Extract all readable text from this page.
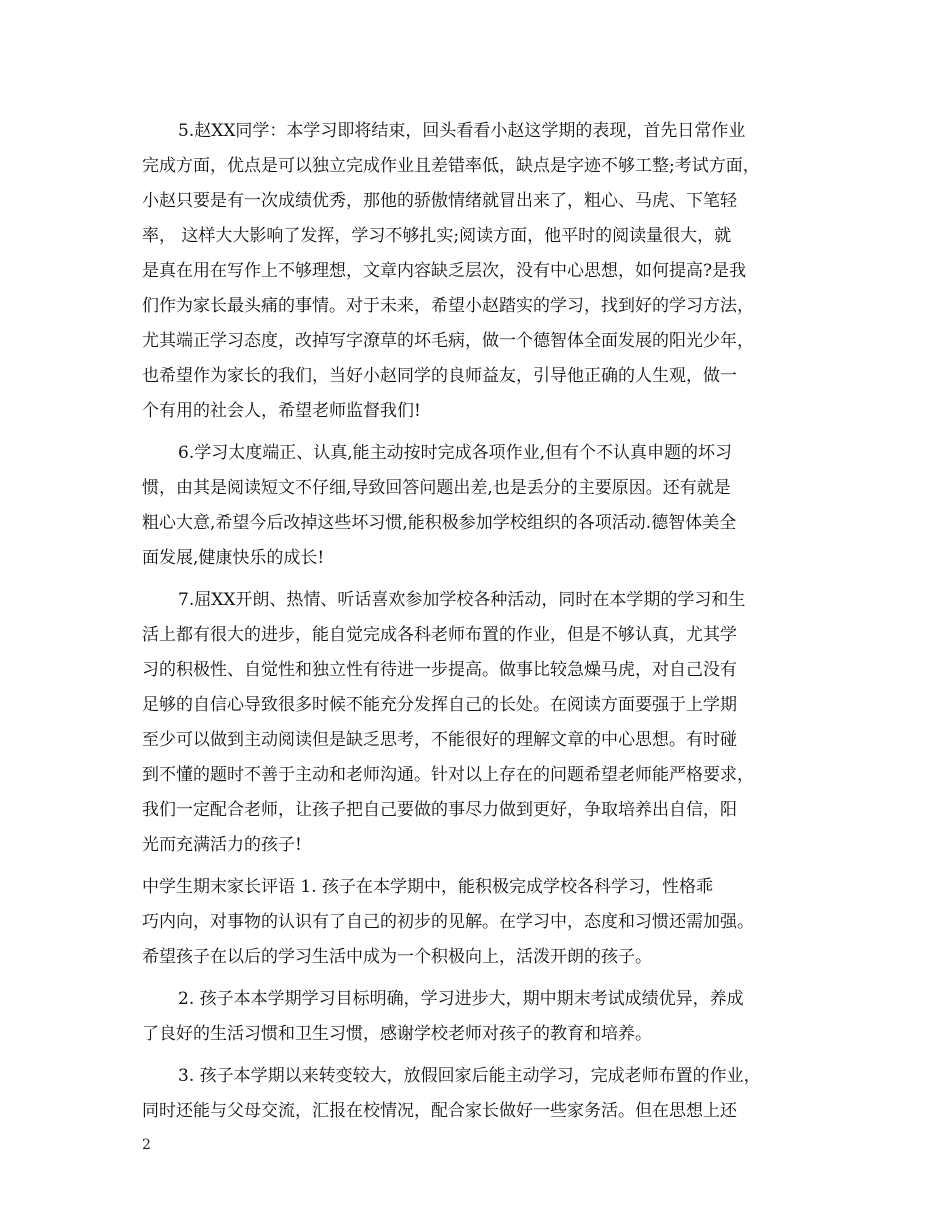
5.赵XX同学：本学习即将结束，回头看看小赵这学期的表现，首先日常作业
完成方面，优点是可以独立完成作业且差错率低，缺点是字迹不够工整;考试方面，
小赵只要是有一次成绩优秀，那他的骄傲情绪就冒出来了，粗心、马虎、下笔轻
率， 这样大大影响了发挥，学习不够扎实;阅读方面，他平时的阅读量很大，就
是真在用在写作上不够理想，文章内容缺乏层次，没有中心思想，如何提高?是我
们作为家长最头痛的事情。对于未来，希望小赵踏实的学习，找到好的学习方法，
尤其端正学习态度，改掉写字潦草的坏毛病，做一个德智体全面发展的阳光少年，
也希望作为家长的我们，当好小赵同学的良师益友，引导他正确的人生观，做一
个有用的社会人，希望老师监督我们!
6.学习太度端正、认真,能主动按时完成各项作业,但有个不认真申题的坏习
惯，由其是阅读短文不仔细,导致回答问题出差,也是丢分的主要原因。还有就是
粗心大意,希望今后改掉这些坏习惯,能积极参加学校组织的各项活动.德智体美全
面发展,健康快乐的成长!
7.屈XX开朗、热情、听话喜欢参加学校各种活动，同时在本学期的学习和生
活上都有很大的进步，能自觉完成各科老师布置的作业，但是不够认真，尤其学
习的积极性、自觉性和独立性有待进一步提高。做事比较急燥马虎，对自己没有
足够的自信心导致很多时候不能充分发挥自己的长处。在阅读方面要强于上学期
至少可以做到主动阅读但是缺乏思考，不能很好的理解文章的中心思想。有时碰
到不懂的题时不善于主动和老师沟通。针对以上存在的问题希望老师能严格要求，
我们一定配合老师，让孩子把自己要做的事尽力做到更好，争取培养出自信，阳
光而充满活力的孩子!
中学生期末家长评语 1. 孩子在本学期中，能积极完成学校各科学习，性格乖
巧内向，对事物的认识有了自己的初步的见解。在学习中，态度和习惯还需加强。
希望孩子在以后的学习生活中成为一个积极向上，活泼开朗的孩子。
2. 孩子本本学期学习目标明确，学习进步大，期中期末考试成绩优异，养成
了良好的生活习惯和卫生习惯，感谢学校老师对孩子的教育和培养。
3. 孩子本学期以来转变较大，放假回家后能主动学习，完成老师布置的作业，
同时还能与父母交流，汇报在校情况，配合家长做好一些家务活。但在思想上还
2
